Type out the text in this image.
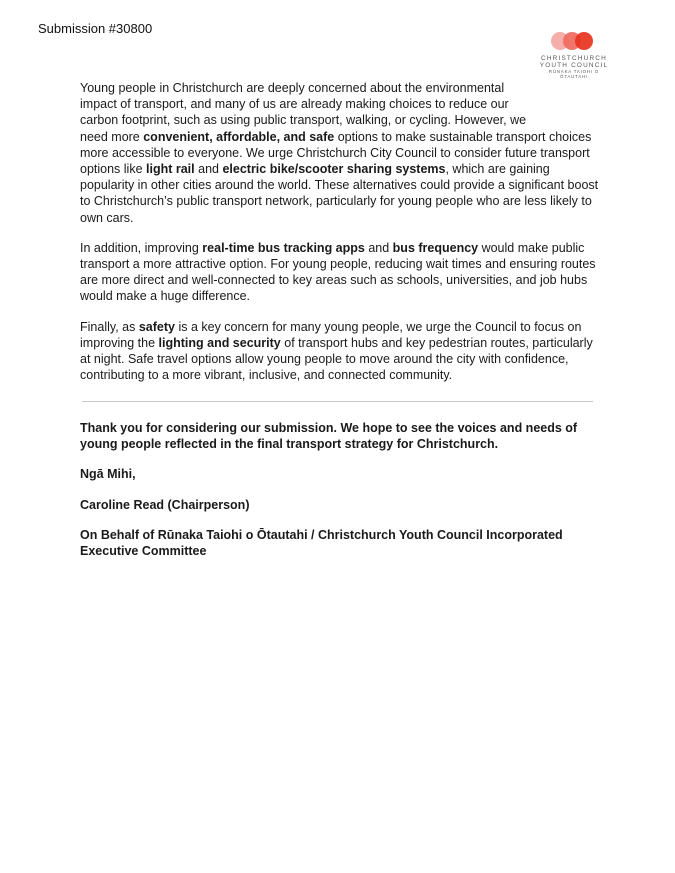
Submission #30800
CHRISTCHURCH
YOUTH COUNCIL
RŪNAKA TAIOHI O
ŌTAUTAHI

Young people in Christchurch are deeply concerned about the environmental
impact of transport, and many of us are already making choices to reduce our
carbon footprint, such as using public transport, walking, or cycling. However, we
need more convenient, affordable, and safe options to make sustainable transport choices more accessible to everyone. We urge Christchurch City Council to consider future transport options like light rail and electric bike/scooter sharing systems, which are gaining popularity in other cities around the world. These alternatives could provide a significant boost to Christchurch’s public transport network, particularly for young people who are less likely to own cars.

In addition, improving real-time bus tracking apps and bus frequency would make public transport a more attractive option. For young people, reducing wait times and ensuring routes are more direct and well-connected to key areas such as schools, universities, and job hubs would make a huge difference.

Finally, as safety is a key concern for many young people, we urge the Council to focus on improving the lighting and security of transport hubs and key pedestrian routes, particularly at night. Safe travel options allow young people to move around the city with confidence, contributing to a more vibrant, inclusive, and connected community.

Thank you for considering our submission. We hope to see the voices and needs of young people reflected in the final transport strategy for Christchurch.

Ngā Mihi,

Caroline Read (Chairperson)

On Behalf of Rūnaka Taiohi o Ōtautahi / Christchurch Youth Council Incorporated Executive Committee
